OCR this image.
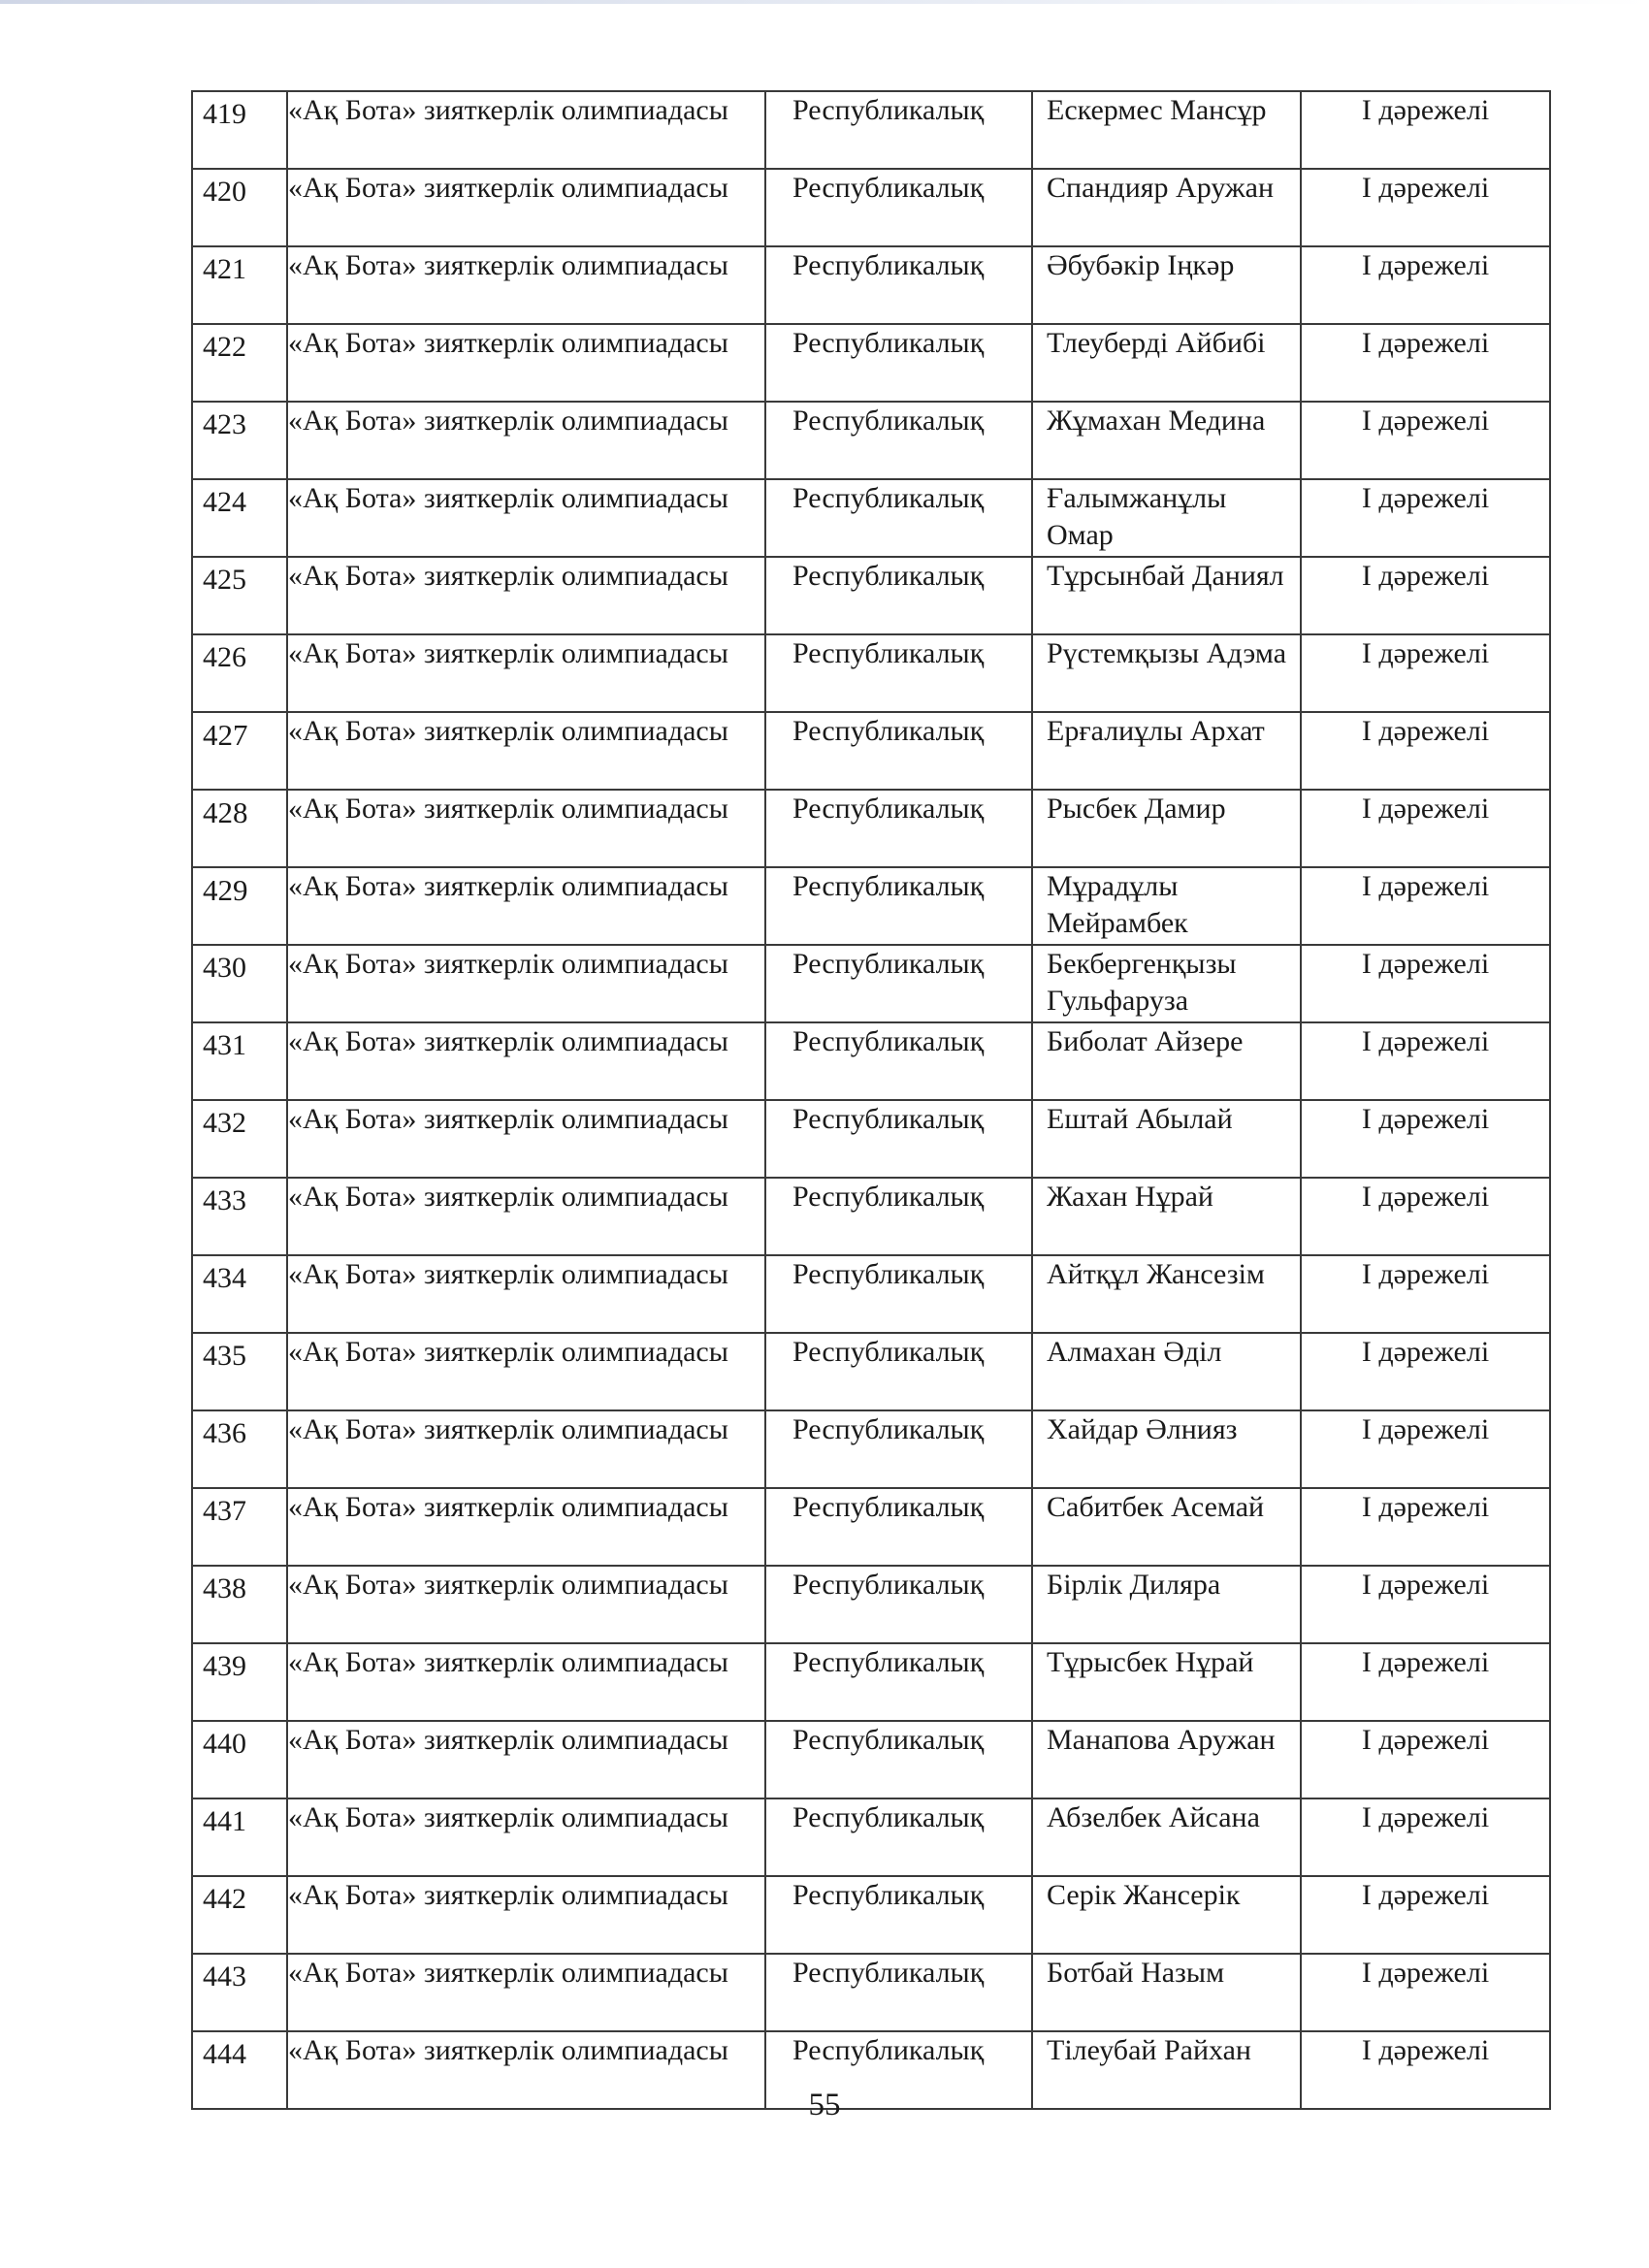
419	«Ақ Бота» зияткерлік олимпиадасы	Республикалық	Ескермес Мансұр	І дәрежелі
420	«Ақ Бота» зияткерлік олимпиадасы	Республикалық	Спандияр Аружан	І дәрежелі
421	«Ақ Бота» зияткерлік олимпиадасы	Республикалық	Әбубәкір Іңкәр	І дәрежелі
422	«Ақ Бота» зияткерлік олимпиадасы	Республикалық	Тлеуберді Айбибі	І дәрежелі
423	«Ақ Бота» зияткерлік олимпиадасы	Республикалық	Жұмахан Медина	І дәрежелі
424	«Ақ Бота» зияткерлік олимпиадасы	Республикалық	Ғалымжанұлы Омар	І дәрежелі
425	«Ақ Бота» зияткерлік олимпиадасы	Республикалық	Тұрсынбай Даниял	І дәрежелі
426	«Ақ Бота» зияткерлік олимпиадасы	Республикалық	Рүстемқызы Адэма	І дәрежелі
427	«Ақ Бота» зияткерлік олимпиадасы	Республикалық	Ерғалиұлы Архат	І дәрежелі
428	«Ақ Бота» зияткерлік олимпиадасы	Республикалық	Рысбек Дамир	І дәрежелі
429	«Ақ Бота» зияткерлік олимпиадасы	Республикалық	Мұрадұлы Мейрамбек	І дәрежелі
430	«Ақ Бота» зияткерлік олимпиадасы	Республикалық	Бекбергенқызы Гульфаруза	І дәрежелі
431	«Ақ Бота» зияткерлік олимпиадасы	Республикалық	Биболат Айзере	І дәрежелі
432	«Ақ Бота» зияткерлік олимпиадасы	Республикалық	Ештай Абылай	І дәрежелі
433	«Ақ Бота» зияткерлік олимпиадасы	Республикалық	Жахан Нұрай	І дәрежелі
434	«Ақ Бота» зияткерлік олимпиадасы	Республикалық	Айтқұл Жансезім	І дәрежелі
435	«Ақ Бота» зияткерлік олимпиадасы	Республикалық	Алмахан Әділ	І дәрежелі
436	«Ақ Бота» зияткерлік олимпиадасы	Республикалық	Хайдар Әлнияз	І дәрежелі
437	«Ақ Бота» зияткерлік олимпиадасы	Республикалық	Сабитбек Асемай	І дәрежелі
438	«Ақ Бота» зияткерлік олимпиадасы	Республикалық	Бірлік Диляра	І дәрежелі
439	«Ақ Бота» зияткерлік олимпиадасы	Республикалық	Тұрысбек Нұрай	І дәрежелі
440	«Ақ Бота» зияткерлік олимпиадасы	Республикалық	Манапова Аружан	І дәрежелі
441	«Ақ Бота» зияткерлік олимпиадасы	Республикалық	Абзелбек Айсана	І дәрежелі
442	«Ақ Бота» зияткерлік олимпиадасы	Республикалық	Серік Жансерік	І дәрежелі
443	«Ақ Бота» зияткерлік олимпиадасы	Республикалық	Ботбай Назым	І дәрежелі
444	«Ақ Бота» зияткерлік олимпиадасы	Республикалық	Тілеубай Райхан	І дәрежелі
55
